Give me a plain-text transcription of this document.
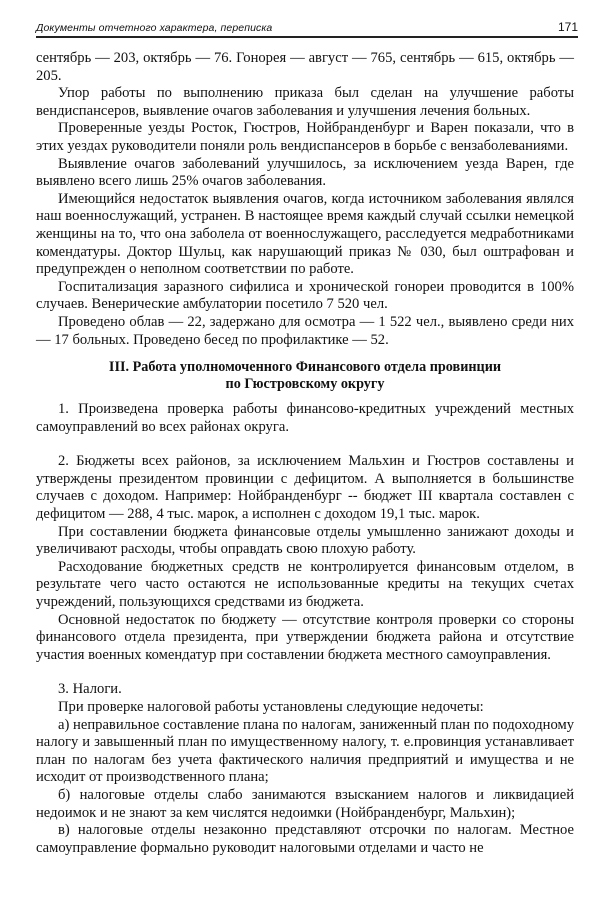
Документы отчетного характера, переписка	171

сентябрь — 203, октябрь — 76. Гонорея — август — 765, сентябрь — 615, октябрь — 205.

Упор работы по выполнению приказа был сделан на улучшение работы вендиспансеров, выявление очагов заболевания и улучшения лечения больных.

Проверенные уезды Росток, Гюстров, Нойбранденбург и Варен показали, что в этих уездах руководители поняли роль вендиспансеров в борьбе с вензаболеваниями.

Выявление очагов заболеваний улучшилось, за исключением уезда Варен, где выявлено всего лишь 25% очагов заболевания.

Имеющийся недостаток выявления очагов, когда источником заболевания являлся наш военнослужащий, устранен. В настоящее время каждый случай ссылки немецкой женщины на то, что она заболела от военнослужащего, расследуется медработниками комендатуры. Доктор Шульц, как нарушающий приказ № 030, был оштрафован и предупрежден о неполном соответствии по работе.

Госпитализация заразного сифилиса и хронической гонореи проводится в 100% случаев. Венерические амбулатории посетило 7 520 чел.

Проведено облав — 22, задержано для осмотра — 1 522 чел., выявлено среди них — 17 больных. Проведено бесед по профилактике — 52.

III. Работа уполномоченного Финансового отдела провинции
по Гюстровскому округу

1. Произведена проверка работы финансово-кредитных учреждений местных самоуправлений во всех районах округа.

2. Бюджеты всех районов, за исключением Мальхин и Гюстров составлены и утверждены президентом провинции с дефицитом. А выполняется в большинстве случаев с доходом. Например: Нойбранденбург -- бюджет III квартала составлен с дефицитом — 288, 4 тыс. марок, а исполнен с доходом 19,1 тыс. марок.

При составлении бюджета финансовые отделы умышленно занижают доходы и увеличивают расходы, чтобы оправдать свою плохую работу.

Расходование бюджетных средств не контролируется финансовым отделом, в результате чего часто остаются не использованные кредиты на текущих счетах учреждений, пользующихся средствами из бюджета.

Основной недостаток по бюджету — отсутствие контроля проверки со стороны финансового отдела президента, при утверждении бюджета района и отсутствие участия военных комендатур при составлении бюджета местного самоуправления.

3. Налоги.

При проверке налоговой работы установлены следующие недочеты:

а) неправильное составление плана по налогам, заниженный план по подоходному налогу и завышенный план по имущественному налогу, т. е.провинция устанавливает план по налогам без учета фактического наличия предприятий и имущества и не исходит от производственного плана;

б) налоговые отделы слабо занимаются взысканием налогов и ликвидацией недоимок и не знают за кем числятся недоимки (Нойбранденбург, Мальхин);

в) налоговые отделы незаконно представляют отсрочки по налогам. Местное самоуправление формально руководит налоговыми отделами и часто не
